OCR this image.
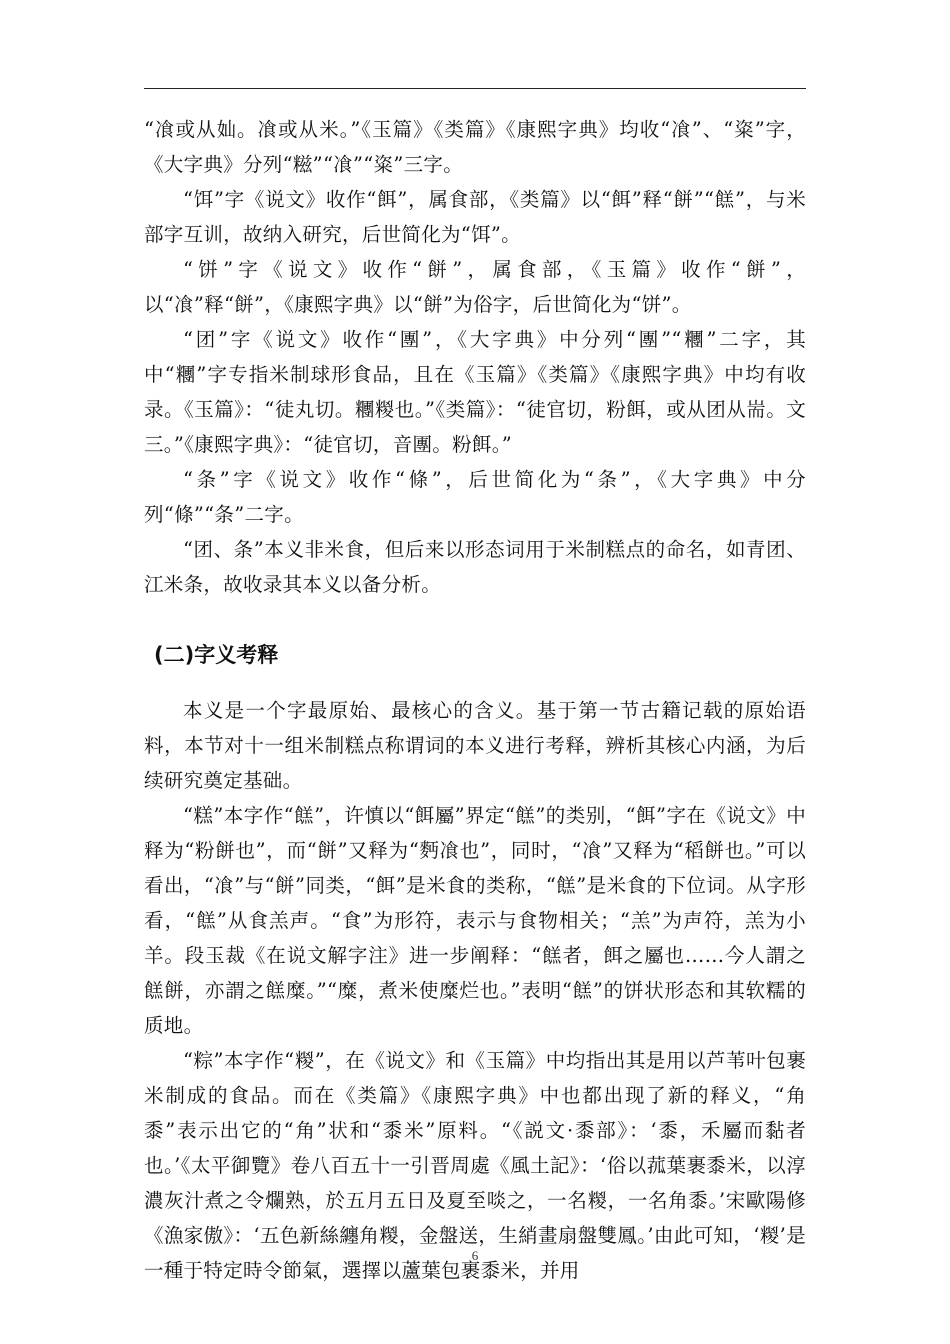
“飡或从奾。飡或从米。”《玉篇》《类篇》《康熙字典》均收“飡”、“粢”字，《大字典》分列“糍”“飡”“粢”三字。

“饵”字《说文》收作“餌”，属食部，《类篇》以“餌”释“餅”“餻”，与米部字互训，故纳入研究，后世简化为“饵”。

“饼”字《说文》收作“餅”，属食部，《玉篇》收作“餅”，以“飡”释“餅”，《康熙字典》以“餅”为俗字，后世简化为“饼”。

“团”字《说文》收作“團”，《大字典》中分列“團”“糰”二字，其中“糰”字专指米制球形食品，且在《玉篇》《类篇》《康熙字典》中均有收录。《玉篇》：“徒丸切。糰糉也。”《类篇》：“徒官切，粉餌，或从团从耑。文三。”《康熙字典》：“徒官切，音團。粉餌。”

“条”字《说文》收作“條”，后世简化为“条”，《大字典》中分列“條”“条”二字。

“团、条”本义非米食，但后来以形态词用于米制糕点的命名，如青团、江米条，故收录其本义以备分析。

(二)字义考释

本义是一个字最原始、最核心的含义。基于第一节古籍记载的原始语料，本节对十一组米制糕点称谓词的本义进行考释，辨析其核心内涵，为后续研究奠定基础。

“糕”本字作“餻”，许慎以“餌屬”界定“餻”的类别，“餌”字在《说文》中释为“粉餅也”，而“餅”又释为“麪飡也”，同时，“飡”又释为“稻餅也。”可以看出，“飡”与“餅”同类，“餌”是米食的类称，“餻”是米食的下位词。从字形看，“餻”从食羔声。“食”为形符，表示与食物相关；“羔”为声符，羔为小羊。段玉裁《在说文解字注》进一步阐释：“餻者，餌之屬也……今人謂之餻餅，亦謂之餻糜。”“糜，煮米使糜烂也。”表明“餻”的饼状形态和其软糯的质地。

“粽”本字作“糉”，在《说文》和《玉篇》中均指出其是用以芦苇叶包裹米制成的食品。而在《类篇》《康熙字典》中也都出现了新的释义，“角黍”表示出它的“角”状和“黍米”原料。“《説文·黍部》：‘黍，禾屬而黏者也。’《太平御覽》卷八百五十一引晋周處《風土記》：‘俗以菰葉裹黍米，以淳濃灰汁煮之令爛熟，於五月五日及夏至啖之，一名糉，一名角黍。’宋歐陽修《漁家傲》：‘五色新絲纏角糉，金盤送，生綃畫扇盤雙鳳。’由此可知，‘糉’是一種于特定時令節氣，選擇以蘆葉包裹黍米，并用

6
